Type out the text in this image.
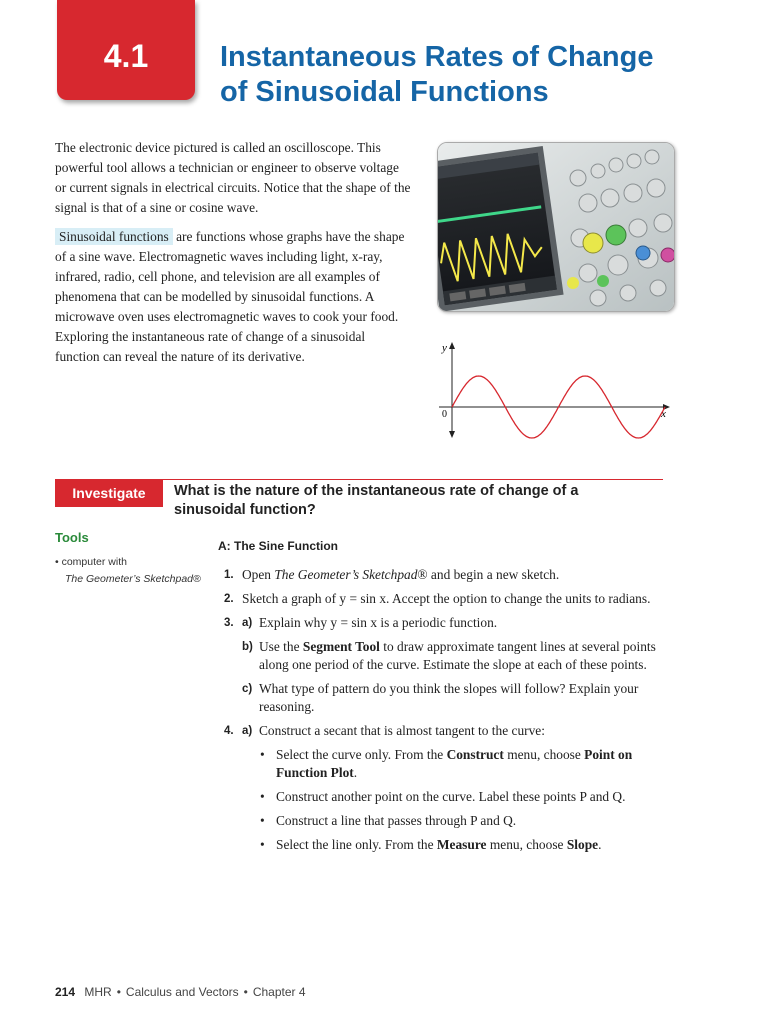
4.1	Instantaneous Rates of Change
of Sinusoidal Functions

The electronic device pictured is called an oscilloscope. This powerful tool allows a technician or engineer to observe voltage or current signals in electrical circuits. Notice that the shape of the signal is that of a sine or cosine wave.

Sinusoidal functions are functions whose graphs have the shape of a sine wave. Electromagnetic waves including light, x-ray, infrared, radio, cell phone, and television are all examples of phenomena that can be modelled by sinusoidal functions. A microwave oven uses electromagnetic waves to cook your food. Exploring the instantaneous rate of change of a sinusoidal function can reveal the nature of its derivative.

y
x
0
Investigate	What is the nature of the instantaneous rate of change of a sinusoidal function?
Tools
• computer with
The Geometer’s Sketchpad®
A: The Sine Function
1. Open The Geometer’s Sketchpad® and begin a new sketch.
2. Sketch a graph of y = sin x. Accept the option to change the units to radians.
3. a) Explain why y = sin x is a periodic function.
b) Use the Segment Tool to draw approximate tangent lines at several points along one period of the curve. Estimate the slope at each of these points.
c) What type of pattern do you think the slopes will follow? Explain your reasoning.
4. a) Construct a secant that is almost tangent to the curve:
• Select the curve only. From the Construct menu, choose Point on Function Plot.
• Construct another point on the curve. Label these points P and Q.
• Construct a line that passes through P and Q.
• Select the line only. From the Measure menu, choose Slope.
214 MHR • Calculus and Vectors • Chapter 4
